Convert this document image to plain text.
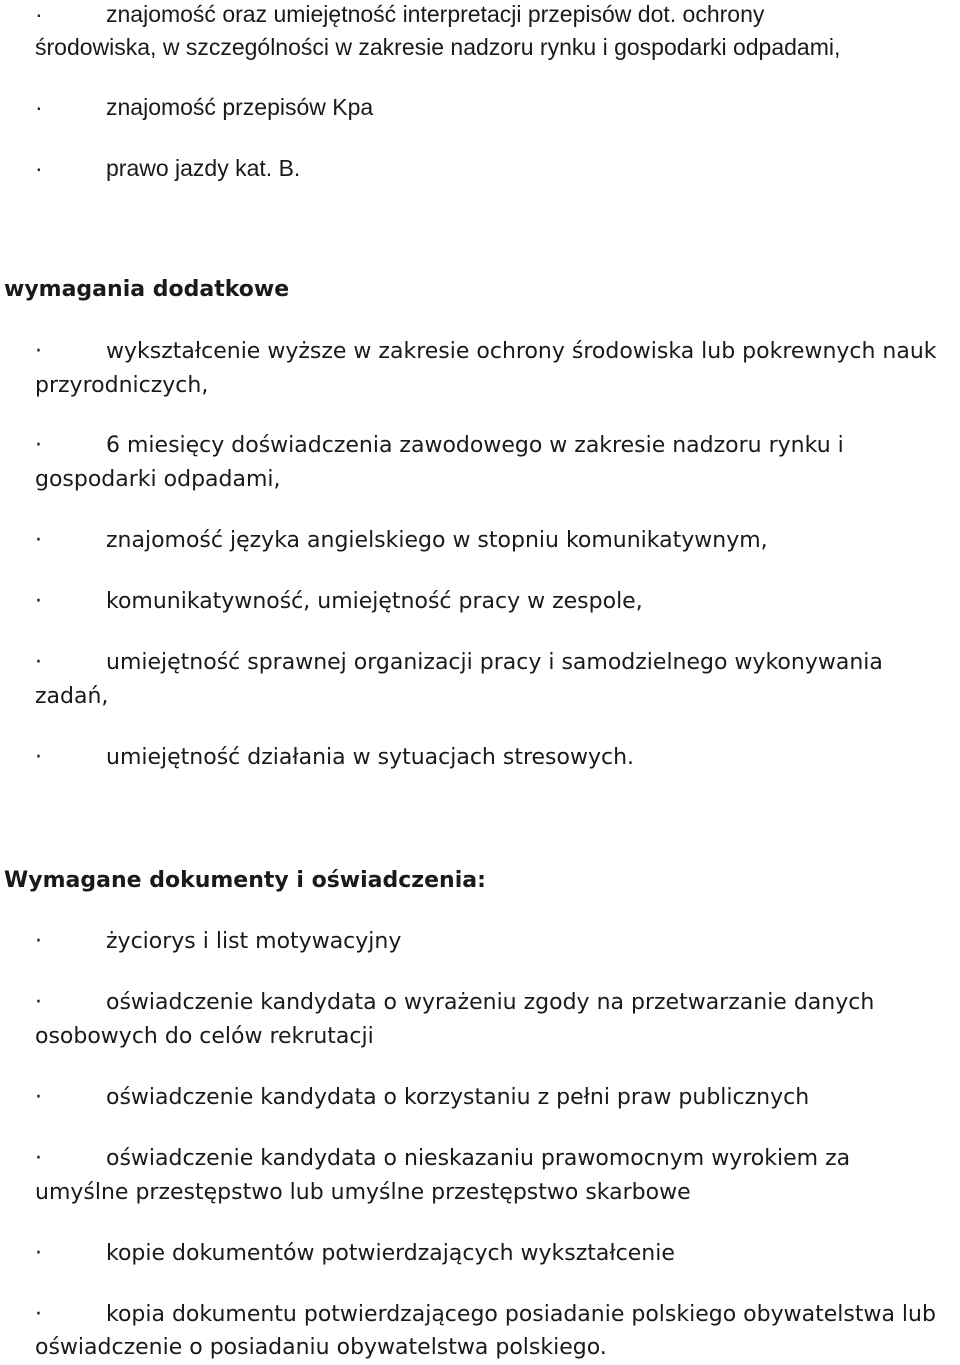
·	znajomość oraz umiejętność interpretacji przepisów dot. ochrony

środowiska, w szczególności w zakresie nadzoru rynku i gospodarki odpadami,

·	znajomość przepisów Kpa

·	prawo jazdy kat. B.

wymagania dodatkowe

·	wykształcenie wyższe w zakresie ochrony środowiska lub pokrewnych nauk

przyrodniczych,

·	6 miesięcy doświadczenia zawodowego w zakresie nadzoru rynku i

gospodarki odpadami,

·	znajomość języka angielskiego w stopniu komunikatywnym,

·	komunikatywność, umiejętność pracy w zespole,

·	umiejętność sprawnej organizacji pracy i samodzielnego wykonywania

zadań,

·	umiejętność działania w sytuacjach stresowych.

Wymagane dokumenty i oświadczenia:

·	życiorys i list motywacyjny

·	oświadczenie kandydata o wyrażeniu zgody na przetwarzanie danych

osobowych do celów rekrutacji

·	oświadczenie kandydata o korzystaniu z pełni praw publicznych

·	oświadczenie kandydata o nieskazaniu prawomocnym wyrokiem za

umyślne przestępstwo lub umyślne przestępstwo skarbowe

·	kopie dokumentów potwierdzających wykształcenie

·	kopia dokumentu potwierdzającego posiadanie polskiego obywatelstwa lub

oświadczenie o posiadaniu obywatelstwa polskiego.
